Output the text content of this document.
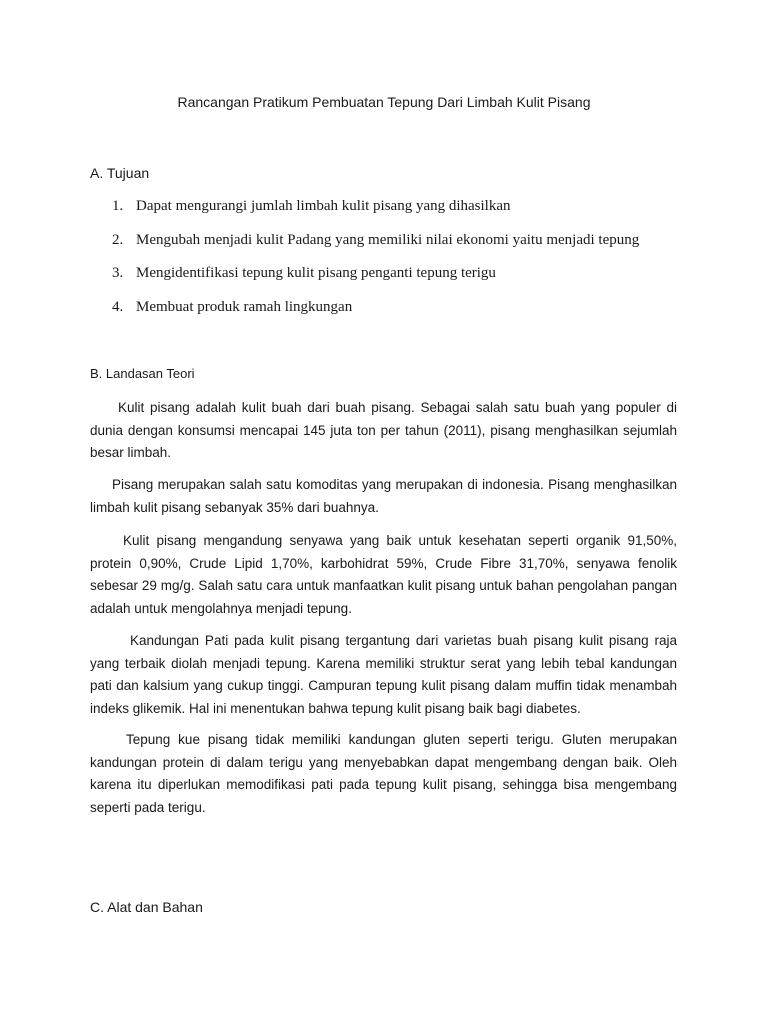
Rancangan Pratikum Pembuatan Tepung Dari Limbah Kulit Pisang
A. Tujuan
1. Dapat mengurangi jumlah limbah kulit pisang yang dihasilkan
2. Mengubah menjadi kulit Padang yang memiliki nilai ekonomi yaitu menjadi tepung
3. Mengidentifikasi tepung kulit pisang penganti tepung terigu
4. Membuat produk ramah lingkungan
B. Landasan Teori

Kulit pisang adalah kulit buah dari buah pisang. Sebagai salah satu buah yang populer di dunia dengan konsumsi mencapai 145 juta ton per tahun (2011), pisang menghasilkan sejumlah besar limbah.

Pisang merupakan salah satu komoditas yang merupakan di indonesia. Pisang menghasilkan limbah kulit pisang sebanyak 35% dari buahnya.

Kulit pisang mengandung senyawa yang baik untuk kesehatan seperti organik 91,50%, protein 0,90%, Crude Lipid 1,70%, karbohidrat 59%, Crude Fibre 31,70%, senyawa fenolik sebesar 29 mg/g. Salah satu cara untuk manfaatkan kulit pisang untuk bahan pengolahan pangan adalah untuk mengolahnya menjadi tepung.

Kandungan Pati pada kulit pisang tergantung dari varietas buah pisang kulit pisang raja yang terbaik diolah menjadi tepung. Karena memiliki struktur serat yang lebih tebal kandungan pati dan kalsium yang cukup tinggi. Campuran tepung kulit pisang dalam muffin tidak menambah indeks glikemik. Hal ini menentukan bahwa tepung kulit pisang baik bagi diabetes.

Tepung kue pisang tidak memiliki kandungan gluten seperti terigu. Gluten merupakan kandungan protein di dalam terigu yang menyebabkan dapat mengembang dengan baik. Oleh karena itu diperlukan memodifikasi pati pada tepung kulit pisang, sehingga bisa mengembang seperti pada terigu.

C. Alat dan Bahan
